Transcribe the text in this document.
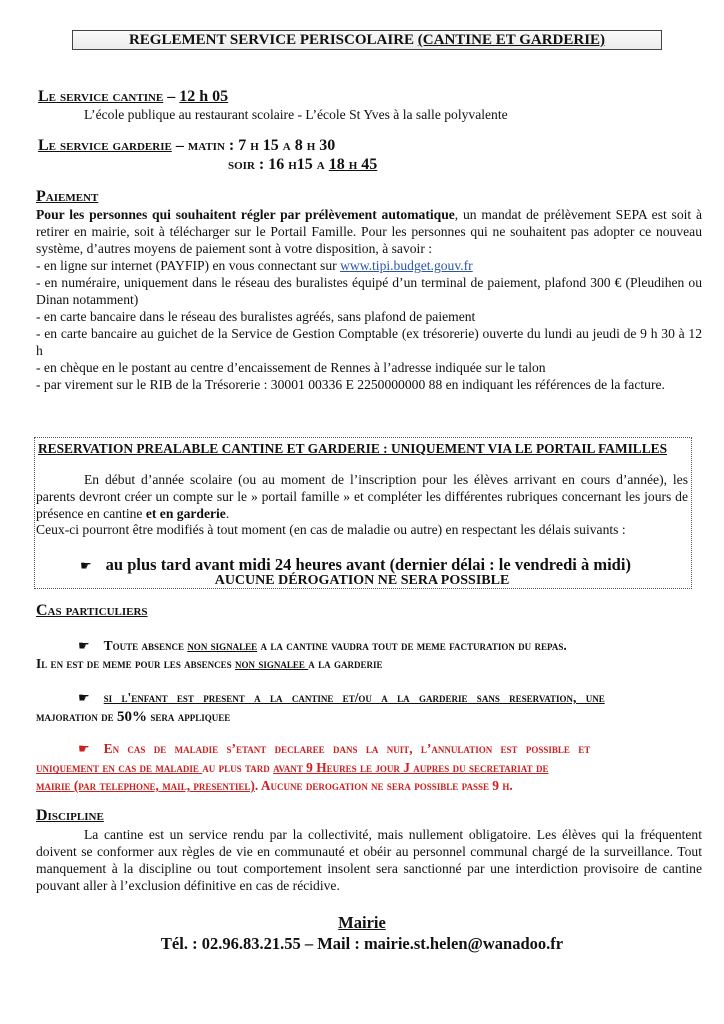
REGLEMENT SERVICE PERISCOLAIRE (CANTINE ET GARDERIE)
Le service cantine – 12 h 05
L’école publique au restaurant scolaire - L’école St Yves à la salle polyvalente
Le service garderie – matin : 7 h 15 a 8 h 30
soir : 16 h15 a 18 h 45
Paiement
Pour les personnes qui souhaitent régler par prélèvement automatique, un mandat de prélèvement SEPA est soit à retirer en mairie, soit à télécharger sur le Portail Famille. Pour les personnes qui ne souhaitent pas adopter ce nouveau système, d’autres moyens de paiement sont à votre disposition, à savoir :
- en ligne sur internet (PAYFIP) en vous connectant sur www.tipi.budget.gouv.fr
- en numéraire, uniquement dans le réseau des buralistes équipé d’un terminal de paiement, plafond 300 € (Pleudihen ou Dinan notamment)
- en carte bancaire dans le réseau des buralistes agréés, sans plafond de paiement
- en carte bancaire au guichet de la Service de Gestion Comptable (ex trésorerie) ouverte du lundi au jeudi de 9 h 30 à 12 h
- en chèque en le postant au centre d’encaissement de Rennes à l’adresse indiquée sur le talon
- par virement sur le RIB de la Trésorerie : 30001 00336 E 2250000000 88 en indiquant les références de la facture.
RESERVATION PREALABLE CANTINE ET GARDERIE : UNIQUEMENT VIA LE PORTAIL FAMILLES
En début d’année scolaire (ou au moment de l’inscription pour les élèves arrivant en cours d’année), les parents devront créer un compte sur le » portail famille » et compléter les différentes rubriques concernant les jours de présence en cantine et en garderie.
Ceux-ci pourront être modifiés à tout moment (en cas de maladie ou autre) en respectant les délais suivants :
☛ au plus tard avant midi 24 heures avant (dernier délai : le vendredi à midi)
AUCUNE DÉROGATION NE SERA POSSIBLE
Cas particuliers
☛ Toute absence non signalee a la cantine vaudra tout de meme facturation du repas.
Il en est de meme pour les absences non signalee a la garderie
☛ si l'enfant est present a la cantine et/ou a la garderie sans reservation, une
majoration de 50% sera appliquee
☛ En cas de maladie s’etant declaree dans la nuit, l’annulation est possible et
uniquement en cas de maladie au plus tard avant 9 Heures le jour J aupres du secretariat de
mairie (par telephone, mail, presentiel). Aucune derogation ne sera possible passe 9 h.
Discipline
La cantine est un service rendu par la collectivité, mais nullement obligatoire. Les élèves qui la fréquentent doivent se conformer aux règles de vie en communauté et obéir au personnel communal chargé de la surveillance. Tout manquement à la discipline ou tout comportement insolent sera sanctionné par une interdiction provisoire de cantine pouvant aller à l’exclusion définitive en cas de récidive.
Mairie
Tél. : 02.96.83.21.55 – Mail : mairie.st.helen@wanadoo.fr
